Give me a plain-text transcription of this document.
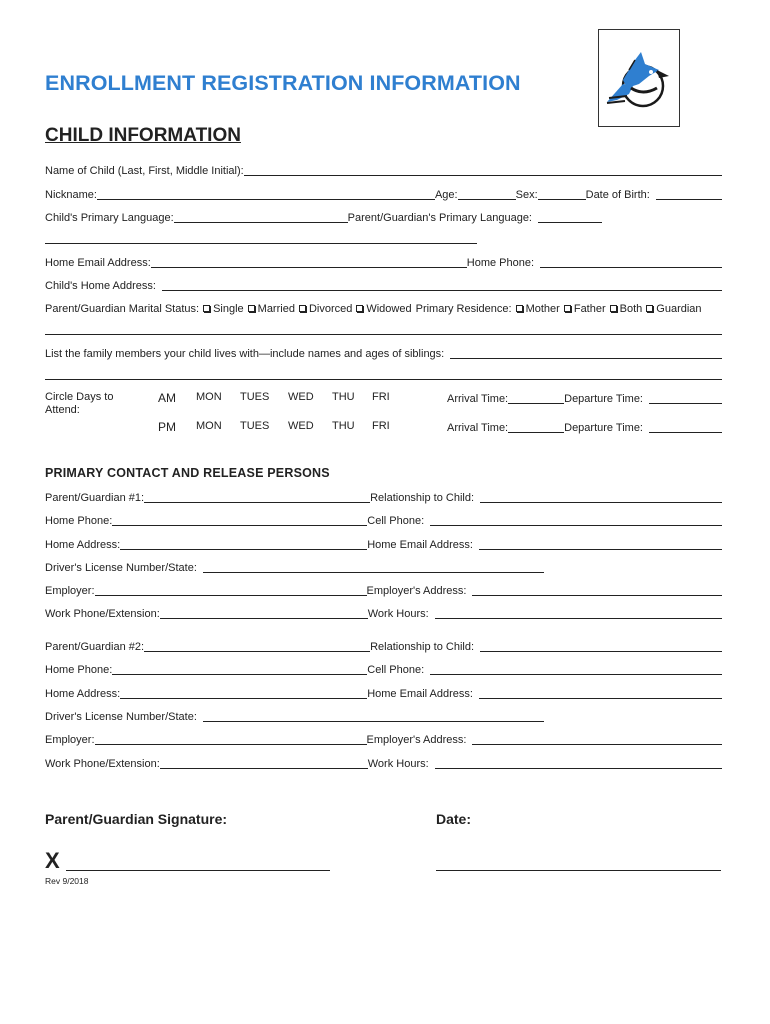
ENROLLMENT REGISTRATION INFORMATION
CHILD INFORMATION
Name of Child (Last, First, Middle Initial):
Nickname:	Age:	Sex:	Date of Birth:
Child's Primary Language:	Parent/Guardian's Primary Language:
Home Email Address:	Home Phone:
Child's Home Address:
Parent/Guardian Marital Status:	Single	Married	Divorced	Widowed Primary Residence:	Mother	Father	Both	Guardian
List the family members your child lives with—include names and ages of siblings:
Circle Days to
Attend:
AM MON TUES WED THU FRI	Arrival Time:	Departure Time:
PM MON TUES WED THU FRI	Arrival Time:	Departure Time:
PRIMARY CONTACT AND RELEASE PERSONS
Parent/Guardian #1:	Relationship to Child:
Home Phone:	Cell Phone:
Home Address:	Home Email Address:
Driver's License Number/State:
Employer:	Employer's Address:
Work Phone/Extension:	Work Hours:
Parent/Guardian #2:	Relationship to Child:
Home Phone:	Cell Phone:
Home Address:	Home Email Address:
Driver's License Number/State:
Employer:	Employer's Address:
Work Phone/Extension:	Work Hours:
Parent/Guardian Signature:	Date:
X
Rev 9/2018
